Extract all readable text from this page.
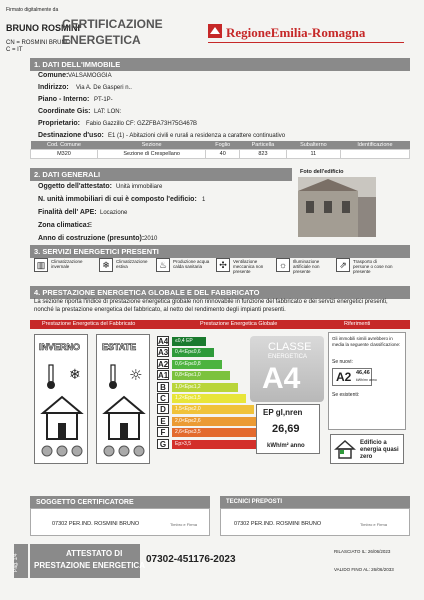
Firmato digitalmente da
BRUNO ROSMINI
CN = ROSMINI BRUNO
C = IT
CERTIFICAZIONE
ENERGETICA	RegioneEmilia-Romagna
1. DATI DELL'IMMOBILE
Comune: VALSAMOGGIA
Indirizzo: Via A. De Gasperi n..
Piano - Interno: PT-1P-
Coordinate Gis: LAT: LON:
Proprietario: Fabio Gazzillo CF: GZZFBA73H75G467B
Destinazione d'uso: E1 (1) - Abitazioni civili e rurali a residenza a carattere continuativo
Cod. Comune	Sezione	Foglio	Particella	Subalterno	Identificazione
M320	Sezione di Crespellano	40	823	11	
2. DATI GENERALI	Foto dell'edificio
Oggetto dell'attestato: Unità immobiliare
N. unità immobiliari di cui è composto l'edificio: 1
Finalità dell' APE: Locazione
Zona climatica: E
Anno di costruzione (presunto): 2010
3. SERVIZI ENERGETICI PRESENTI
▥	Climatizzazione invernale	❄	Climatizzazione estiva	♨	Produzione acqua calda sanitaria	✣	Ventilazione meccanica non presente
☼	Illuminazione artificiale non presente
⇗	Trasporto di persone o cose non presente
4. PRESTAZIONE ENERGETICA GLOBALE E DEL FABBRICATO
La sezione riporta l'indice di prestazione energetica globale non rinnovabile in funzione del fabbricato e dei servizi energetici presenti, nonché la prestazione energetica del fabbricato, al netto del rendimento degli impianti presenti.
Prestazione Energetica del Fabbricato	Prestazione Energetica Globale	Riferimenti
INVERNO
❄
ESTATE
☼
A4	≤0,4 EP
A3	0,4<Ep≤0,6
A2	0,6<Ep≤0,8
A1	0,8<Ep≤1,0
B	1,0<Ep≤1,2
C	1,2<Ep≤1,5
D	1,5<Ep≤2,0
E	2,0<Ep≤2,6
F	2,6<Ep≤3,5
G	Ep>3,5
CLASSE
ENERGETICA
A4
EP gl,nren
26,69
kWh/m² anno
Gli immobili simili avrebbero in media la seguente classificazione:
Se nuovi:
A2 46,46
kWh/m² anno
Se esistenti:
Edificio a energia quasi zero
SOGGETTO CERTIFICATORE
07302 PER.IND. ROSMINI BRUNO	Timbro e Firma
TECNICI PREPOSTI
07302 PER.IND. ROSMINI BRUNO	Timbro e Firma
Pag. 1/4	ATTESTATO DI
PRESTAZIONE ENERGETICA
07302-451176-2023
RILASCIATO IL: 26/06/2023
VALIDO FINO AL: 26/06/2033
